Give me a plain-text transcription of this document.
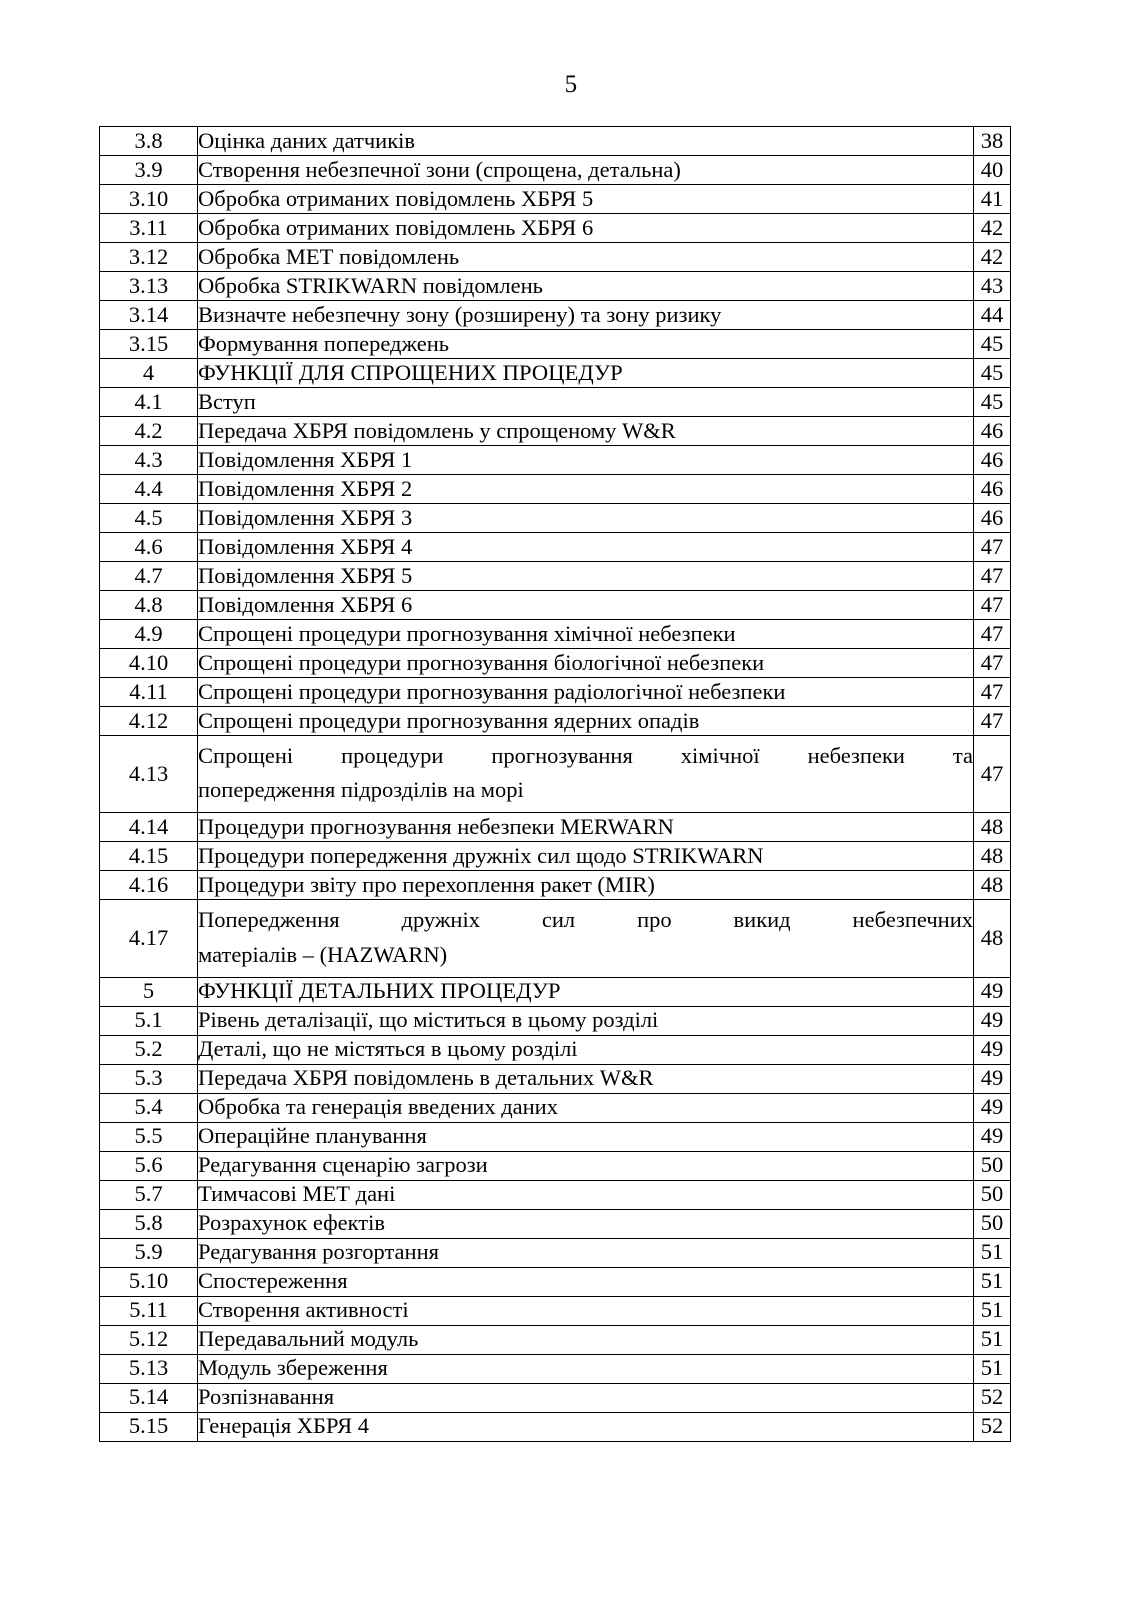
5
3.8	Оцінка даних датчиків	38
3.9	Створення небезпечної зони (спрощена, детальна)	40
3.10	Обробка отриманих повідомлень ХБРЯ 5	41
3.11	Обробка отриманих повідомлень ХБРЯ 6	42
3.12	Обробка МЕТ повідомлень	42
3.13	Обробка STRIKWARN повідомлень	43
3.14	Визначте небезпечну зону (розширену) та зону ризику	44
3.15	Формування попереджень	45
4	ФУНКЦІЇ ДЛЯ СПРОЩЕНИХ ПРОЦЕДУР	45
4.1	Вступ	45
4.2	Передача ХБРЯ повідомлень у спрощеному W&R	46
4.3	Повідомлення ХБРЯ 1	46
4.4	Повідомлення ХБРЯ 2	46
4.5	Повідомлення ХБРЯ 3	46
4.6	Повідомлення ХБРЯ 4	47
4.7	Повідомлення ХБРЯ 5	47
4.8	Повідомлення ХБРЯ 6	47
4.9	Спрощені процедури прогнозування хімічної небезпеки	47
4.10	Спрощені процедури прогнозування біологічної небезпеки	47
4.11	Спрощені процедури прогнозування радіологічної небезпеки	47
4.12	Спрощені процедури прогнозування ядерних опадів	47
4.13	Спрощені процедури прогнозування хімічної небезпеки та
попередження підрозділів на морі	47
4.14	Процедури прогнозування небезпеки MERWARN	48
4.15	Процедури попередження дружніх сил щодо STRIKWARN	48
4.16	Процедури звіту про перехоплення ракет (MIR)	48
4.17	Попередження дружніх сил про викид небезпечних
матеріалів – (HAZWARN)	48
5	ФУНКЦІЇ ДЕТАЛЬНИХ ПРОЦЕДУР	49
5.1	Рівень деталізації, що міститься в цьому розділі	49
5.2	Деталі, що не містяться в цьому розділі	49
5.3	Передача ХБРЯ повідомлень в детальних W&R	49
5.4	Обробка та генерація введених даних	49
5.5	Операційне планування	49
5.6	Редагування сценарію загрози	50
5.7	Тимчасові МЕТ дані	50
5.8	Розрахунок ефектів	50
5.9	Редагування розгортання	51
5.10	Спостереження	51
5.11	Створення активності	51
5.12	Передавальний модуль	51
5.13	Модуль збереження	51
5.14	Розпізнавання	52
5.15	Генерація ХБРЯ 4	52
